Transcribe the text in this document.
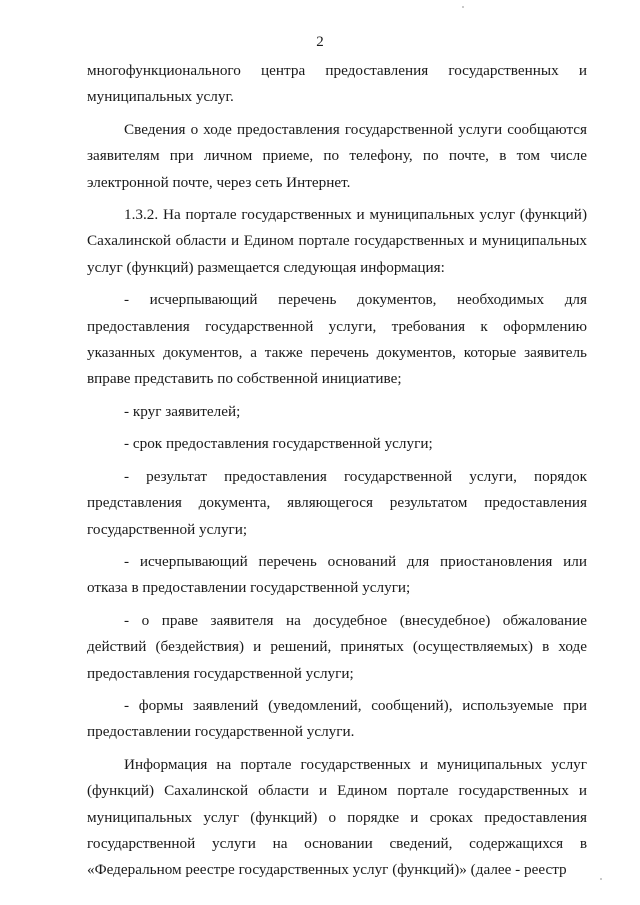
2

многофункционального центра предоставления государственных и муниципальных услуг.

Сведения о ходе предоставления государственной услуги сообщаются заявителям при личном приеме, по телефону, по почте, в том числе электронной почте, через сеть Интернет.

1.3.2. На портале государственных и муниципальных услуг (функций) Сахалинской области и Едином портале государственных и муниципальных услуг (функций) размещается следующая информация:

- исчерпывающий перечень документов, необходимых для предоставления государственной услуги, требования к оформлению указанных документов, а также перечень документов, которые заявитель вправе представить по собственной инициативе;

- круг заявителей;

- срок предоставления государственной услуги;

- результат предоставления государственной услуги, порядок представления документа, являющегося результатом предоставления государственной услуги;

- исчерпывающий перечень оснований для приостановления или отказа в предоставлении государственной услуги;

- о праве заявителя на досудебное (внесудебное) обжалование действий (бездействия) и решений, принятых (осуществляемых) в ходе предоставления государственной услуги;

- формы заявлений (уведомлений, сообщений), используемые при предоставлении государственной услуги.

Информация на портале государственных и муниципальных услуг (функций) Сахалинской области и Едином портале государственных и муниципальных услуг (функций) о порядке и сроках предоставления государственной услуги на основании сведений, содержащихся в «Федеральном реестре государственных услуг (функций)» (далее - реестр
